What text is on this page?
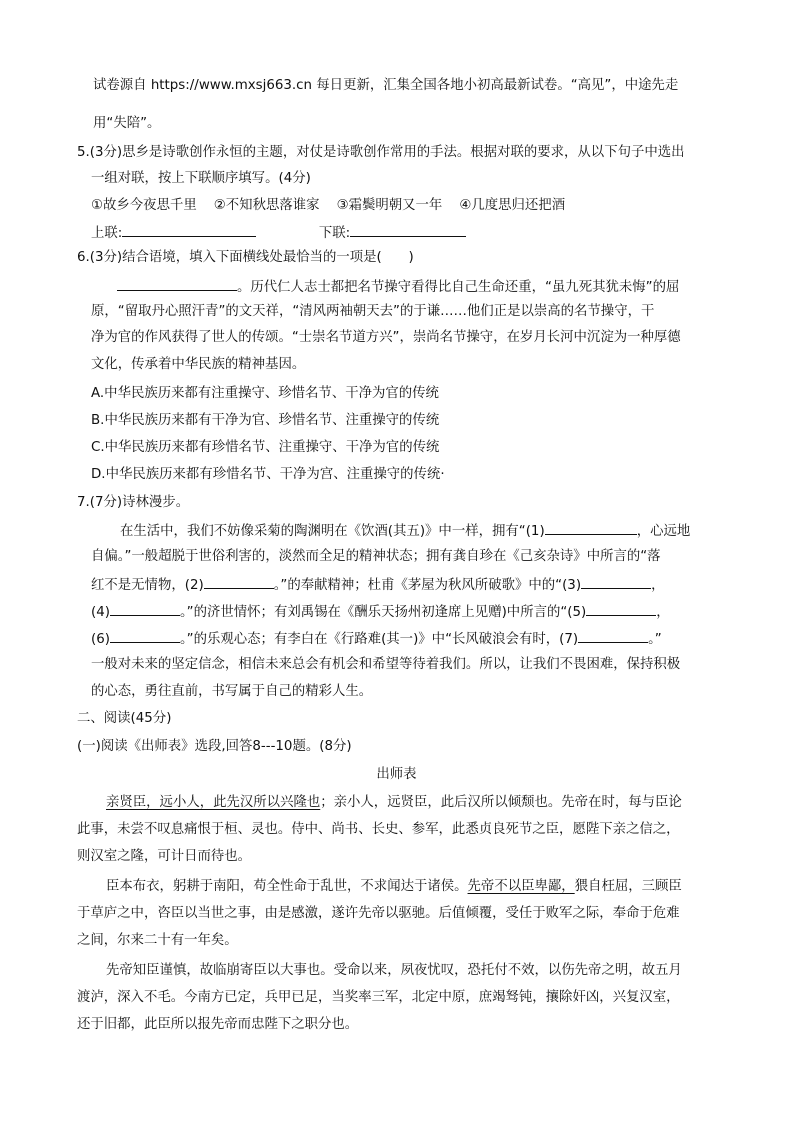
试卷源自 https://www.mxsj663.cn 每日更新，汇集全国各地小初高最新试卷。“高见”，中途先走
用“失陪”。
5.(3分)思乡是诗歌创作永恒的主题，对仗是诗歌创作常用的手法。根据对联的要求，从以下句子中选出
一组对联，按上下联顺序填写。(4分)
①故乡今夜思千里 ②不知秋思落谁家 ③霜鬓明朝又一年 ④几度思归还把酒
上联:	下联:
6.(3分)结合语境，填入下面横线处最恰当的一项是(　　)
。历代仁人志士都把名节操守看得比自己生命还重，“虽九死其犹未悔”的屈
原，“留取丹心照汗青”的文天祥，“清风两袖朝天去”的于谦……他们正是以崇高的名节操守，干
净为官的作风获得了世人的传颂。“士崇名节道方兴”，崇尚名节操守，在岁月长河中沉淀为一种厚德
文化，传承着中华民族的精神基因。
A.中华民族历来都有注重操守、珍惜名节、干净为官的传统
B.中华民族历来都有干净为官、珍惜名节、注重操守的传统
C.中华民族历来都有珍惜名节、注重操守、干净为官的传统
D.中华民族历来都有珍惜名节、干净为宫、注重操守的传统·
7.(7分)诗林漫步。
在生活中，我们不妨像采菊的陶渊明在《饮酒(其五)》中一样，拥有“(1)	，心远地
自偏。”一般超脱于世俗利害的，淡然而全足的精神状态；拥有龚自珍在《己亥杂诗》中所言的“落
红不是无情物，(2)	。”的奉献精神；杜甫《茅屋为秋风所破歌》中的“(3)	，
(4)	。”的济世情怀；有刘禹锡在《酬乐天扬州初逢席上见赠)中所言的“(5)	，
(6)	。”的乐观心态；有李白在《行路难(其一)》中“长风破浪会有时，(7)	。”
一般对未来的坚定信念，相信未来总会有机会和希望等待着我们。所以，让我们不畏困难，保持积极
的心态，勇往直前，书写属于自己的精彩人生。
二、阅读(45分)
(一)阅读《出师表》选段,回答8---10题。(8分)
出师表
亲贤臣，远小人，此先汉所以兴隆也；亲小人，远贤臣，此后汉所以倾颓也。先帝在时，每与臣论
此事，未尝不叹息痛恨于桓、灵也。侍中、尚书、长史、参军，此悉贞良死节之臣，愿陛下亲之信之，
则汉室之隆，可计日而待也。
臣本布衣，躬耕于南阳，苟全性命于乱世，不求闻达于诸侯。先帝不以臣卑鄙，猥自枉屈，三顾臣
于草庐之中，咨臣以当世之事，由是感激，遂许先帝以驱驰。后值倾覆，受任于败军之际，奉命于危难
之间，尔来二十有一年矣。
先帝知臣谨慎，故临崩寄臣以大事也。受命以来，夙夜忧叹，恐托付不效，以伤先帝之明，故五月
渡泸，深入不毛。今南方已定，兵甲已足，当奖率三军，北定中原，庶竭驽钝，攘除奸凶，兴复汉室，
还于旧都，此臣所以报先帝而忠陛下之职分也。
